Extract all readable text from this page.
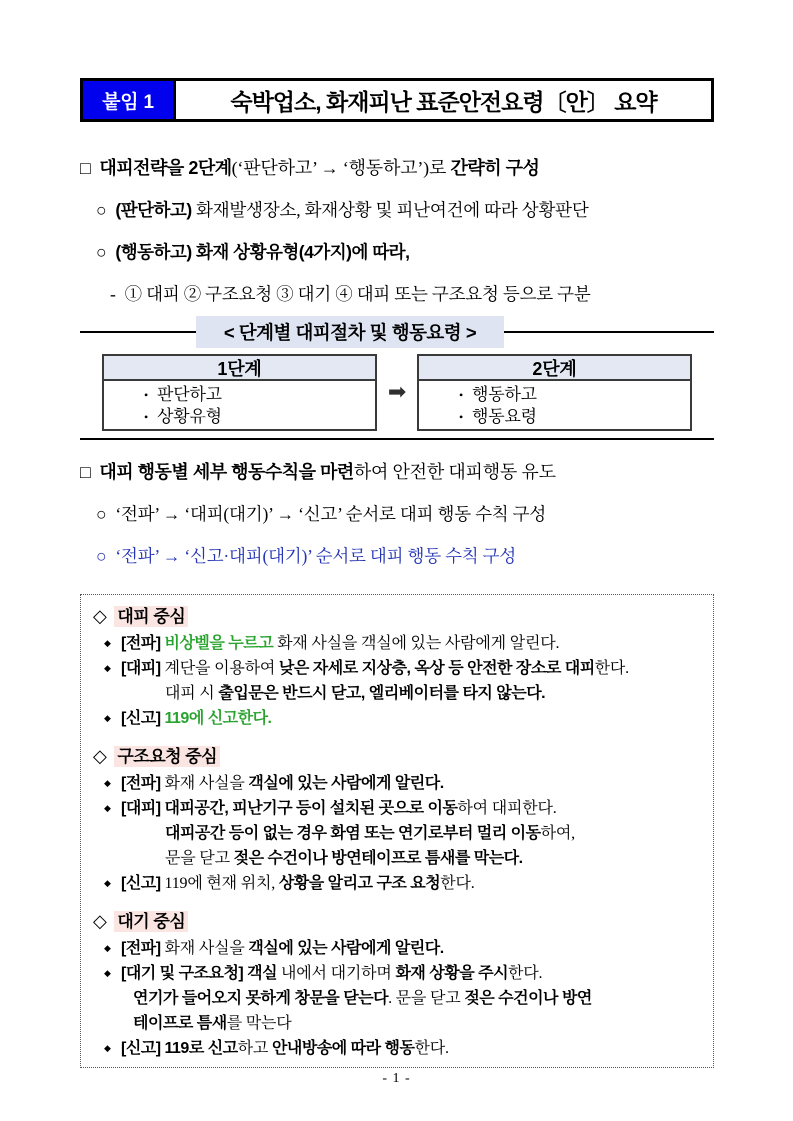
붙임 1	숙박업소, 화재피난 표준안전요령〔안〕 요약
□ 대피전략을 2단계(‘판단하고’ → ‘행동하고’)로 간략히 구성
○ (판단하고) 화재발생장소, 화재상황 및 피난여건에 따라 상황판단
○ (행동하고) 화재 상황유형(4가지)에 따라,
- ① 대피 ② 구조요청 ③ 대기 ④ 대피 또는 구조요청 등으로 구분
< 단계별 대피절차 및 행동요령 >
1단계
• 판단하고
• 상황유형
➡
2단계
• 행동하고
• 행동요령
□ 대피 행동별 세부 행동수칙을 마련하여 안전한 대피행동 유도
○ ‘전파’ → ‘대피(대기)’ → ‘신고’ 순서로 대피 행동 수칙 구성
○ ‘전파’ → ‘신고·대피(대기)’ 순서로 대피 행동 수칙 구성
◇ 대피 중심
◆ [전파] 비상벨을 누르고 화재 사실을 객실에 있는 사람에게 알린다.
◆ [대피] 계단을 이용하여 낮은 자세로 지상층, 옥상 등 안전한 장소로 대피한다.
대피 시 출입문은 반드시 닫고, 엘리베이터를 타지 않는다.
◆ [신고] 119에 신고한다.
◇ 구조요청 중심
◆ [전파] 화재 사실을 객실에 있는 사람에게 알린다.
◆ [대피] 대피공간, 피난기구 등이 설치된 곳으로 이동하여 대피한다.
대피공간 등이 없는 경우 화염 또는 연기로부터 멀리 이동하여,
문을 닫고 젖은 수건이나 방연테이프로 틈새를 막는다.
◆ [신고] 119에 현재 위치, 상황을 알리고 구조 요청한다.
◇ 대기 중심
◆ [전파] 화재 사실을 객실에 있는 사람에게 알린다.
◆ [대기 및 구조요청] 객실 내에서 대기하며 화재 상황을 주시한다.
연기가 들어오지 못하게 창문을 닫는다. 문을 닫고 젖은 수건이나 방연
테이프로 틈새를 막는다
◆ [신고] 119로 신고하고 안내방송에 따라 행동한다.
- 1 -
